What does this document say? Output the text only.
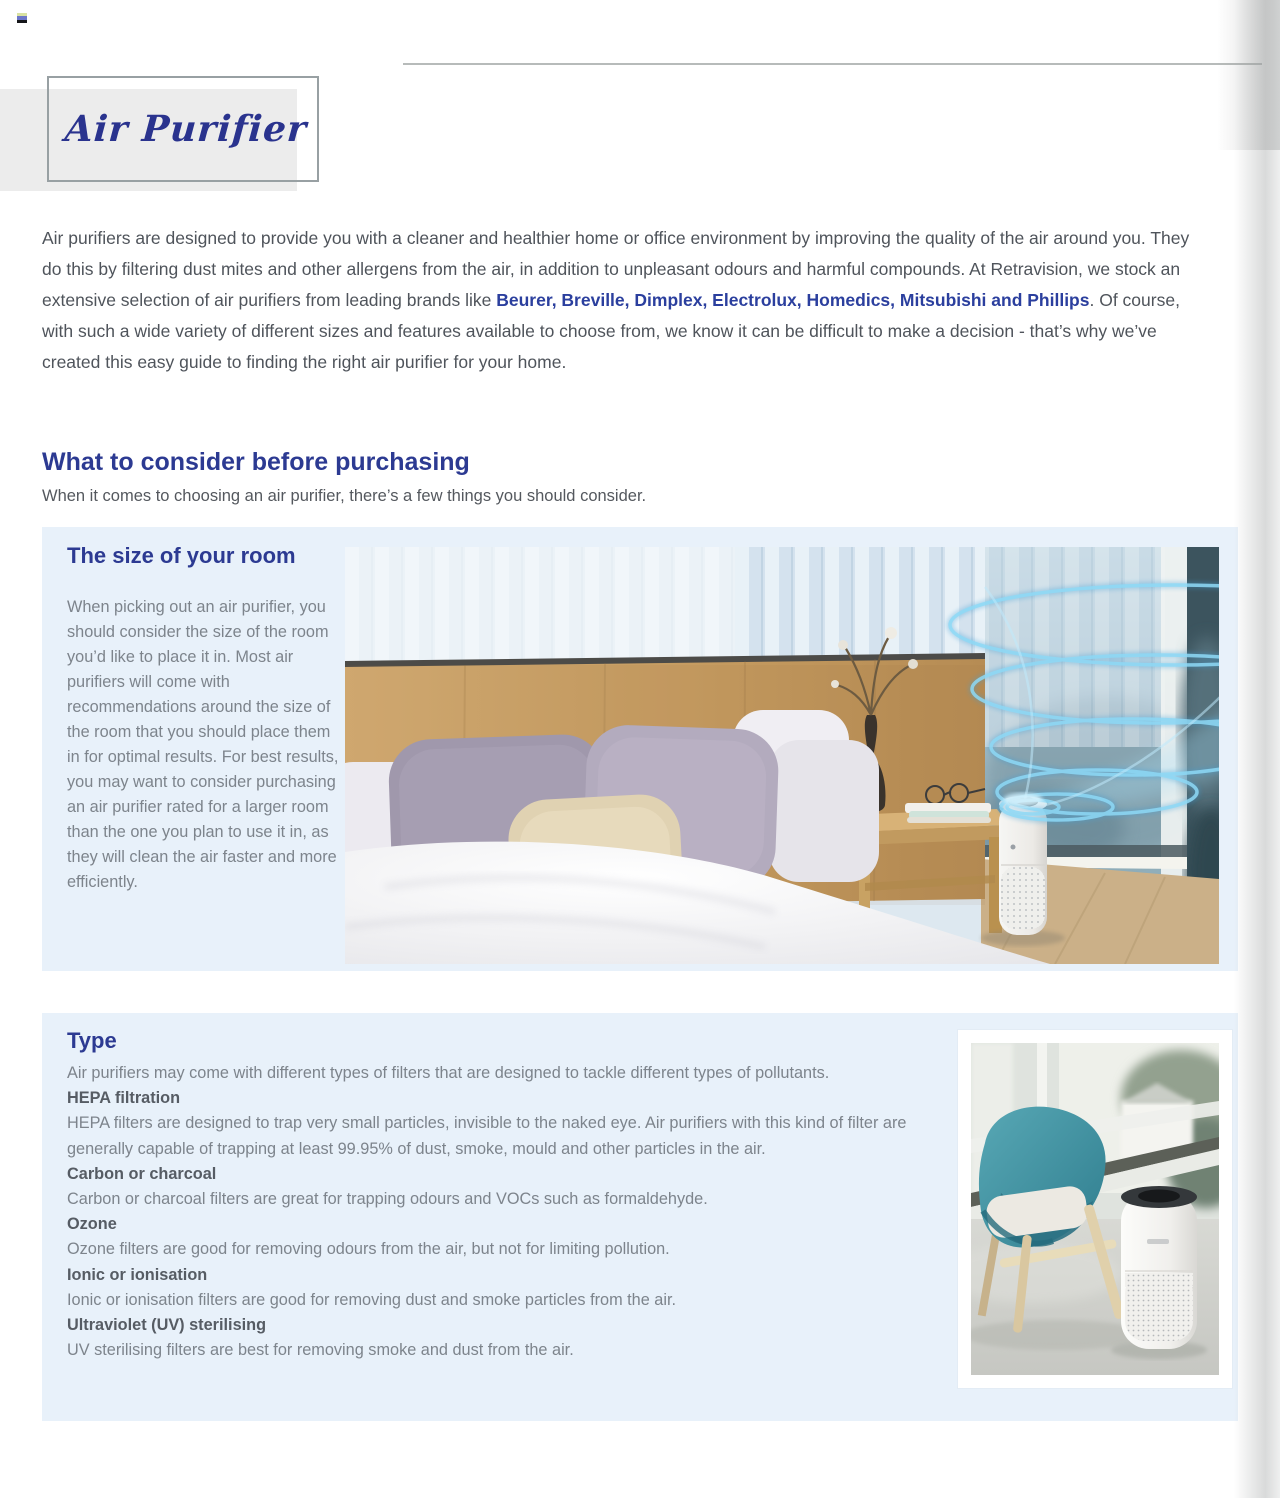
Air Purifier

Air purifiers are designed to provide you with a cleaner and healthier home or office environment by improving the quality of the air around you. They do this by filtering dust mites and other allergens from the air, in addition to unpleasant odours and harmful compounds. At Retravision, we stock an extensive selection of air purifiers from leading brands like Beurer, Breville, Dimplex, Electrolux, Homedics, Mitsubishi and Phillips. Of course, with such a wide variety of different sizes and features available to choose from, we know it can be difficult to make a decision - that’s why we’ve created this easy guide to finding the right air purifier for your home.

What to consider before purchasing

When it comes to choosing an air purifier, there’s a few things you should consider.

The size of your room

When picking out an air purifier, you should consider the size of the room you’d like to place it in. Most air purifiers will come with recommendations around the size of the room that you should place them in for optimal results. For best results, you may want to consider purchasing an air purifier rated for a larger room than the one you plan to use it in, as they will clean the air faster and more efficiently.

Type
Air purifiers may come with different types of filters that are designed to tackle different types of pollutants.
HEPA filtration
HEPA filters are designed to trap very small particles, invisible to the naked eye. Air purifiers with this kind of filter are generally capable of trapping at least 99.95% of dust, smoke, mould and other particles in the air.
Carbon or charcoal
Carbon or charcoal filters are great for trapping odours and VOCs such as formaldehyde.
Ozone
Ozone filters are good for removing odours from the air, but not for limiting pollution.
Ionic or ionisation
Ionic or ionisation filters are good for removing dust and smoke particles from the air.
Ultraviolet (UV) sterilising
UV sterilising filters are best for removing smoke and dust from the air.
